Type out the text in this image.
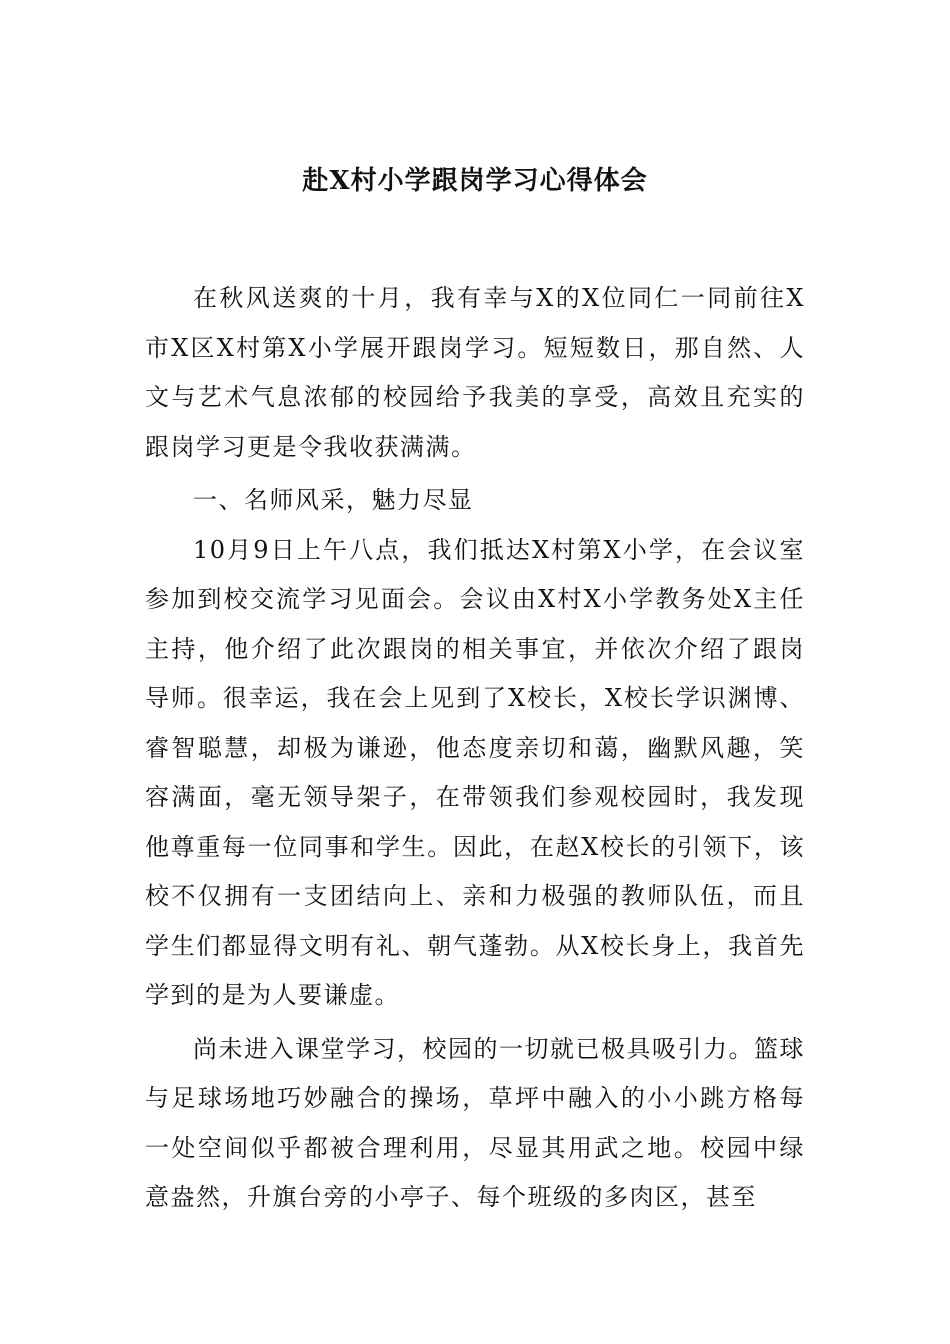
赴X村小学跟岗学习心得体会

在秋风送爽的十月，我有幸与X的X位同仁一同前往X市X区X村第X小学展开跟岗学习。短短数日，那自然、人文与艺术气息浓郁的校园给予我美的享受，高效且充实的跟岗学习更是令我收获满满。

一、名师风采，魅力尽显

10月9日上午八点，我们抵达X村第X小学，在会议室参加到校交流学习见面会。会议由X村X小学教务处X主任主持，他介绍了此次跟岗的相关事宜，并依次介绍了跟岗导师。很幸运，我在会上见到了X校长，X校长学识渊博、睿智聪慧，却极为谦逊，他态度亲切和蔼，幽默风趣，笑容满面，毫无领导架子，在带领我们参观校园时，我发现他尊重每一位同事和学生。因此，在赵X校长的引领下，该校不仅拥有一支团结向上、亲和力极强的教师队伍，而且学生们都显得文明有礼、朝气蓬勃。从X校长身上，我首先学到的是为人要谦虚。

尚未进入课堂学习，校园的一切就已极具吸引力。篮球与足球场地巧妙融合的操场，草坪中融入的小小跳方格每一处空间似乎都被合理利用，尽显其用武之地。校园中绿意盎然，升旗台旁的小亭子、每个班级的多肉区，甚至
